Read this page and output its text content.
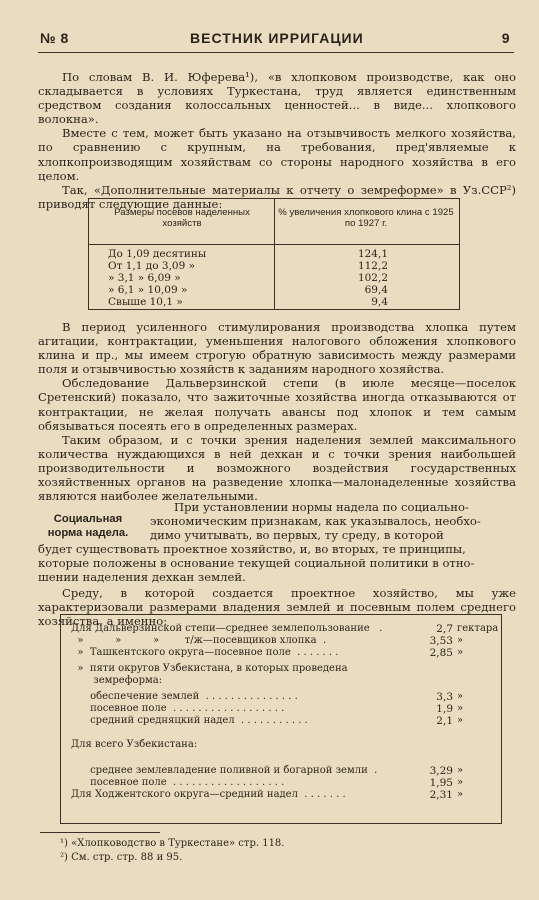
№ 8	ВЕСТНИК ИРРИГАЦИИ	9

По словам В. И. Юферева¹), «в хлопковом производстве, как оно складывается в условиях Туркестана, труд является единственным средством создания колоссальных ценностей... в виде... хлопкового волокна».

Вместе с тем, может быть указано на отзывчивость мелкого хозяйства, по сравнению с крупным, на требования, пред'являемые к хлопкопроизводящим хозяйствам со стороны народного хозяйства в его целом.

Так, «Дополнительные материалы к отчету о земреформе» в Уз.ССР²) приводят следующие данные:

Размеры посевов наделенных хозяйств
% увеличения хлопкового клина с 1925 по 1927 г.
До 1,09 десятины	124,1
От 1,1 до 3,09 »	112,2
» 3,1 » 6,09 »	102,2
» 6,1 » 10,09 »	69,4
Свыше 10,1 »	9,4

В период усиленного стимулирования производства хлопка путем агитации, контрактации, уменьшения налогового обложения хлопкового клина и пр., мы имеем строгую обратную зависимость между размерами поля и отзывчивостью хозяйств к заданиям народного хозяйства.

Обследование Дальверзинской степи (в июле месяце—поселок Сретенский) показало, что зажиточные хозяйства иногда отказываются от контрактации, не желая получать авансы под хлопок и тем самым обязываться посеять его в определенных размерах.

Таким образом, и с точки зрения наделения землей максимального количества нуждающихся в ней дехкан и с точки зрения наибольшей производительности и возможного воздействия государственных хозяйственных органов на разведение хлопка—малонаделенные хозяйства являются наиболее желательными.

Социальная норма надела.
При установлении нормы надела по социально-
экономическим признакам, как указывалось, необхо-
димо учитывать, во первых, ту среду, в которой
будет существовать проектное хозяйство, и, во вторых, те принципы,
которые положены в основание текущей социальной политики в отно-
шении наделения дехкан землей.

Среду, в которой создается проектное хозяйство, мы уже характеризовали размерами владения землей и посевным полем среднего хозяйства, а именно:

Для Дальверзинской степи—среднее землепользование   .	2,7 гектара
»          »          »        т/ж—посевщиков хлопка  .	3,53 »
»  Ташкентского округа—посевное поле  . . . . . . .	2,85 »
»  пяти округов Узбекистана, в которых проведена
земреформа:
обеспечение землей  . . . . . . . . . . . . . . .	3,3 »
посевное поле  . . . . . . . . . . . . . . . . . .	1,9 »
средний средняцкий надел  . . . . . . . . . . .	2,1 »
Для всего Узбекистана:
среднее землевладение поливной и богарной земли  .	3,29 »
посевное поле  . . . . . . . . . . . . . . . . . .	1,95 »
Для Ходжентского округа—средний надел  . . . . . . .	2,31 »
¹) «Хлопководство в Туркестане» стр. 118.
²) См. стр. стр. 88 и 95.
